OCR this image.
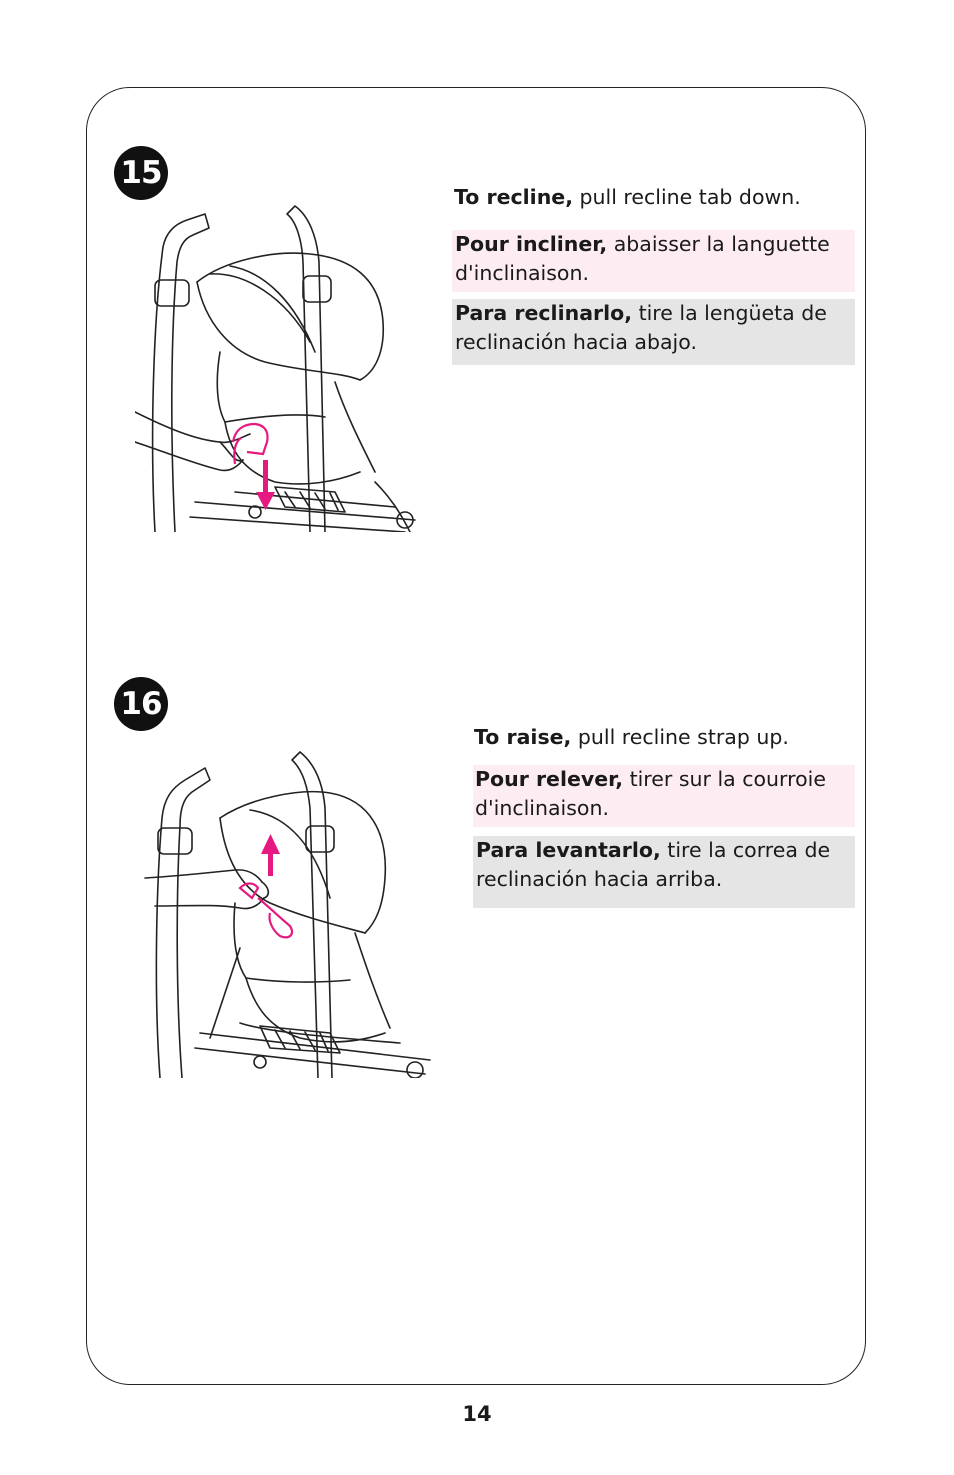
15
To recline, pull recline tab down.
Pour incliner, abaisser la languette d'inclinaison.
Para reclinarlo, tire la lengüeta de reclinación hacia abajo.
16
To raise, pull recline strap up.
Pour relever, tirer sur la courroie d'inclinaison.
Para levantarlo, tire la correa de reclinación hacia arriba.
14
